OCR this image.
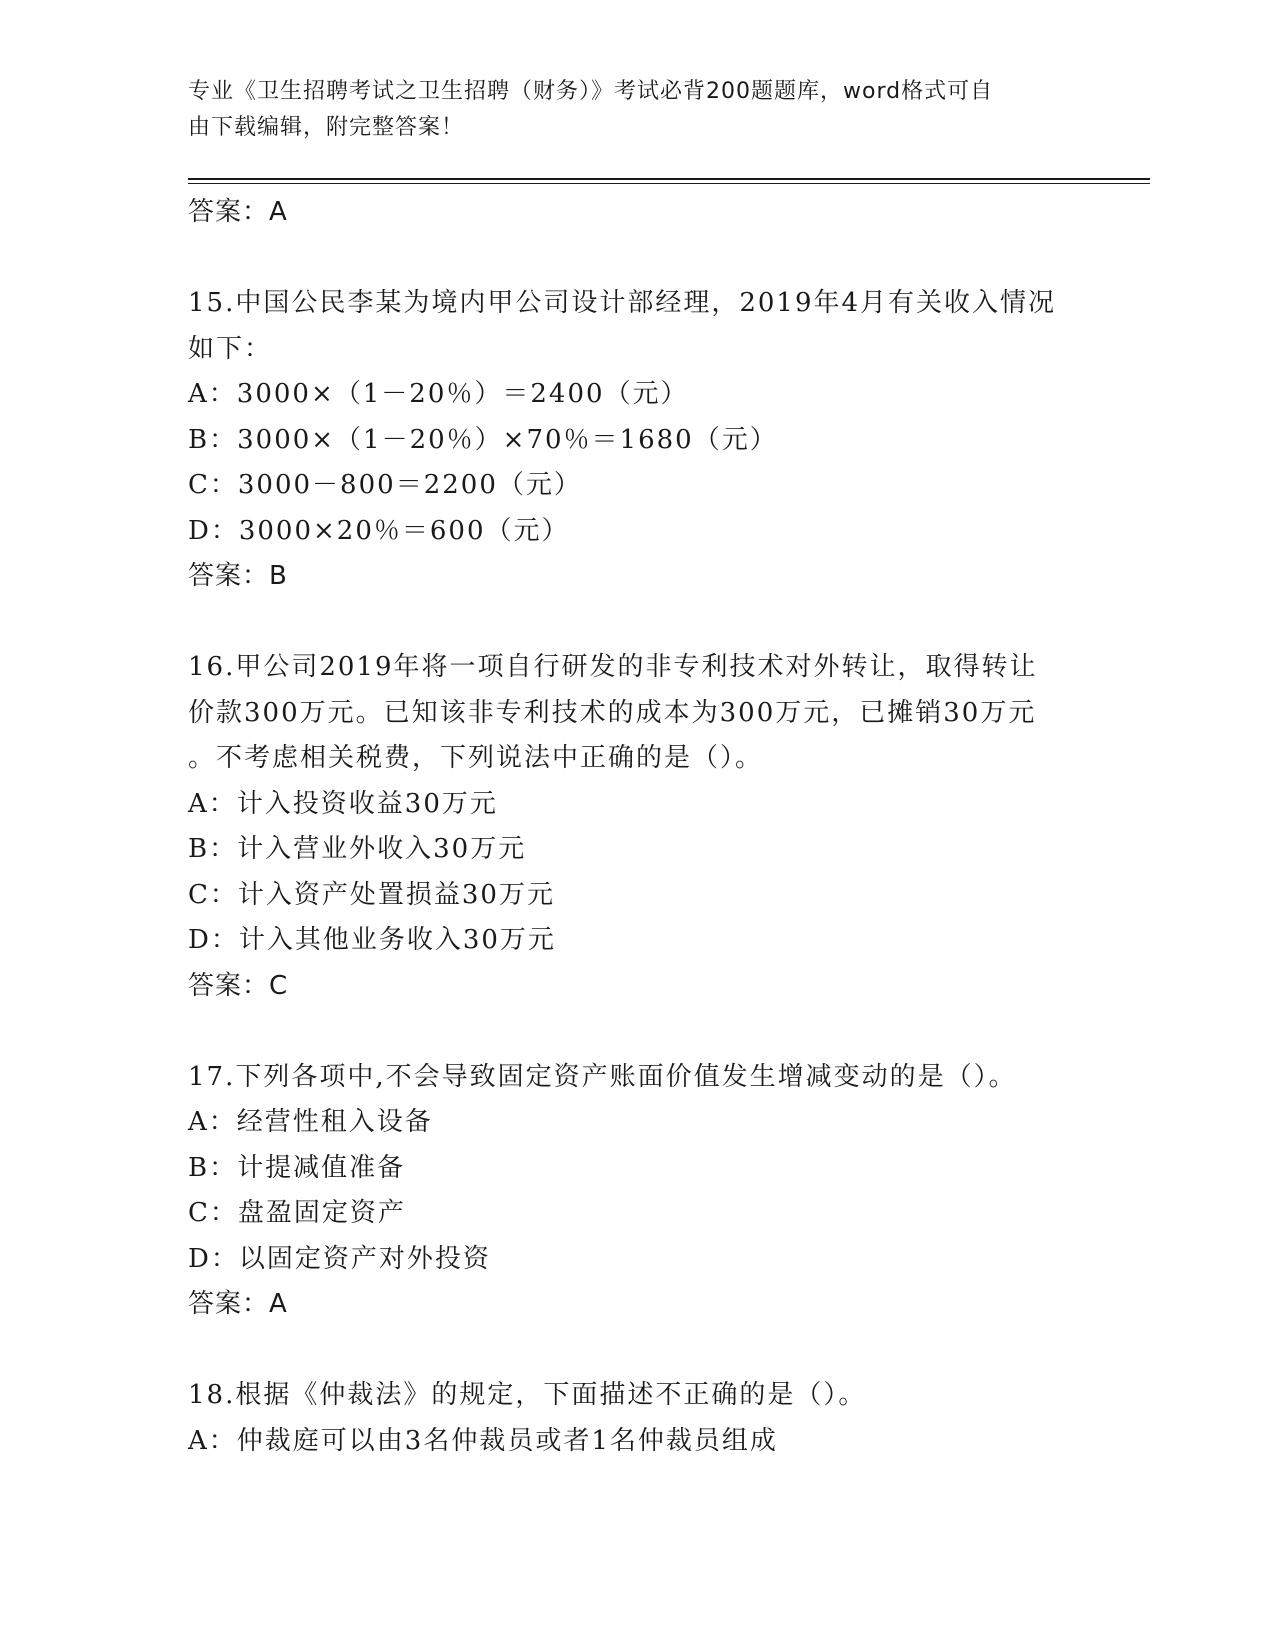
专业《卫生招聘考试之卫生招聘（财务）》考试必背200题题库，word格式可自
由下载编辑，附完整答案！
答案：A
15.中国公民李某为境内甲公司设计部经理，2019年4月有关收入情况
如下：
A：3000×（1－20％）＝2400（元）
B：3000×（1－20％）×70％＝1680（元）
C：3000－800＝2200（元）
D：3000×20％＝600（元）
答案：B
16.甲公司2019年将一项自行研发的非专利技术对外转让，取得转让
价款300万元。已知该非专利技术的成本为300万元，已摊销30万元
。不考虑相关税费，下列说法中正确的是（）。
A：计入投资收益30万元
B：计入营业外收入30万元
C：计入资产处置损益30万元
D：计入其他业务收入30万元
答案：C
17.下列各项中,不会导致固定资产账面价值发生增减变动的是（）。
A：经营性租入设备
B：计提减值准备
C：盘盈固定资产
D：以固定资产对外投资
答案：A
18.根据《仲裁法》的规定，下面描述不正确的是（）。
A：仲裁庭可以由3名仲裁员或者1名仲裁员组成
